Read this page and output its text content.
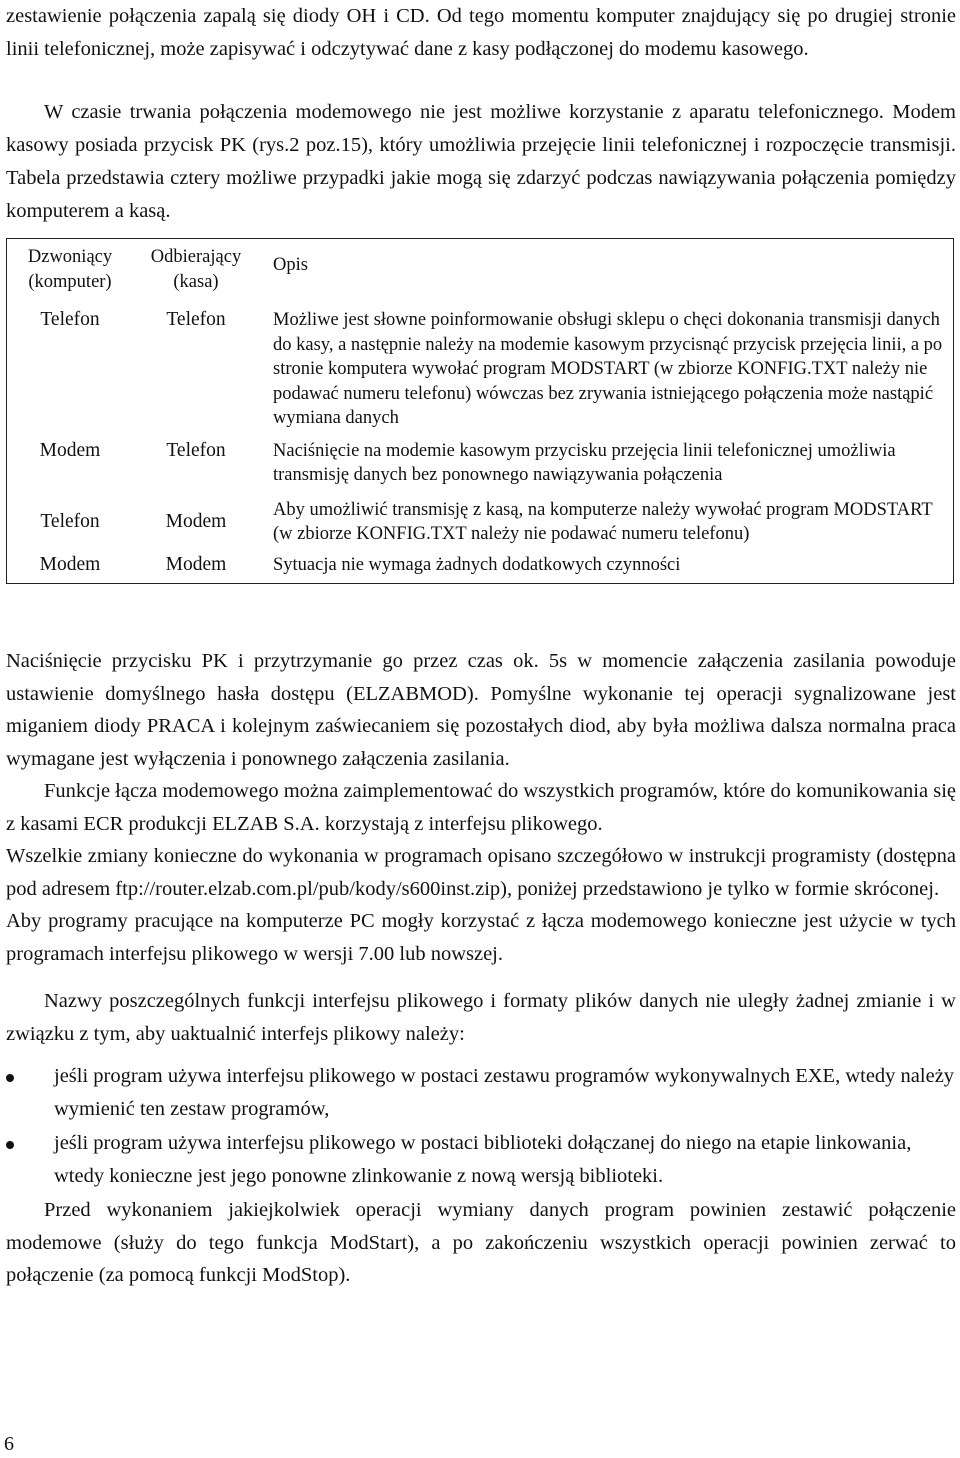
zestawienie połączenia zapalą się diody OH i CD. Od tego momentu komputer znajdujący się po drugiej stronie linii telefonicznej, może zapisywać i odczytywać dane z kasy podłączonej do modemu kasowego.

W czasie trwania połączenia modemowego nie jest możliwe korzystanie z aparatu telefonicznego. Modem kasowy posiada przycisk PK (rys.2 poz.15), który umożliwia przejęcie linii telefonicznej i rozpoczęcie transmisji. Tabela przedstawia cztery możliwe przypadki jakie mogą się zdarzyć podczas nawiązywania połączenia pomiędzy komputerem a kasą.

Dzwoniący (komputer)	Odbierający (kasa)	Opis
Telefon	Telefon	Możliwe jest słowne poinformowanie obsługi sklepu o chęci dokonania transmisji danych do kasy, a następnie należy na modemie kasowym przycisnąć przycisk przejęcia linii, a po stronie komputera wywołać program MODSTART (w zbiorze KONFIG.TXT należy nie podawać numeru telefonu) wówczas bez zrywania istniejącego połączenia może nastąpić wymiana danych
Modem	Telefon	Naciśnięcie na modemie kasowym przycisku przejęcia linii telefonicznej umożliwia transmisję danych bez ponownego nawiązywania połączenia
Telefon	Modem	Aby umożliwić transmisję z kasą, na komputerze należy wywołać program MODSTART (w zbiorze KONFIG.TXT należy nie podawać numeru telefonu)
Modem	Modem	Sytuacja nie wymaga żadnych dodatkowych czynności

Naciśnięcie przycisku PK i przytrzymanie go przez czas ok. 5s w momencie załączenia zasilania powoduje ustawienie domyślnego hasła dostępu (ELZABMOD). Pomyślne wykonanie tej operacji sygnalizowane jest miganiem diody PRACA i kolejnym zaświecaniem się pozostałych diod, aby była możliwa dalsza normalna praca wymagane jest wyłączenia i ponownego załączenia zasilania.

Funkcje łącza modemowego można zaimplementować do wszystkich programów, które do komunikowania się z kasami ECR produkcji ELZAB S.A. korzystają z interfejsu plikowego.

Wszelkie zmiany konieczne do wykonania w programach opisano szczegółowo w instrukcji programisty (dostępna pod adresem ftp://router.elzab.com.pl/pub/kody/s600inst.zip), poniżej przedstawiono je tylko w formie skróconej.

Aby programy pracujące na komputerze PC mogły korzystać z łącza modemowego konieczne jest użycie w tych programach interfejsu plikowego w wersji 7.00 lub nowszej.

Nazwy poszczególnych funkcji interfejsu plikowego i formaty plików danych nie uległy żadnej zmianie i w związku z tym, aby uaktualnić interfejs plikowy należy:

jeśli program używa interfejsu plikowego w postaci zestawu programów wykonywalnych EXE, wtedy należy wymienić ten zestaw programów,
jeśli program używa interfejsu plikowego w postaci biblioteki dołączanej do niego na etapie linkowania, wtedy konieczne jest jego ponowne zlinkowanie z nową wersją biblioteki.

Przed wykonaniem jakiejkolwiek operacji wymiany danych program powinien zestawić połączenie modemowe (służy do tego funkcja ModStart), a po zakończeniu wszystkich operacji powinien zerwać to połączenie (za pomocą funkcji ModStop).

6
